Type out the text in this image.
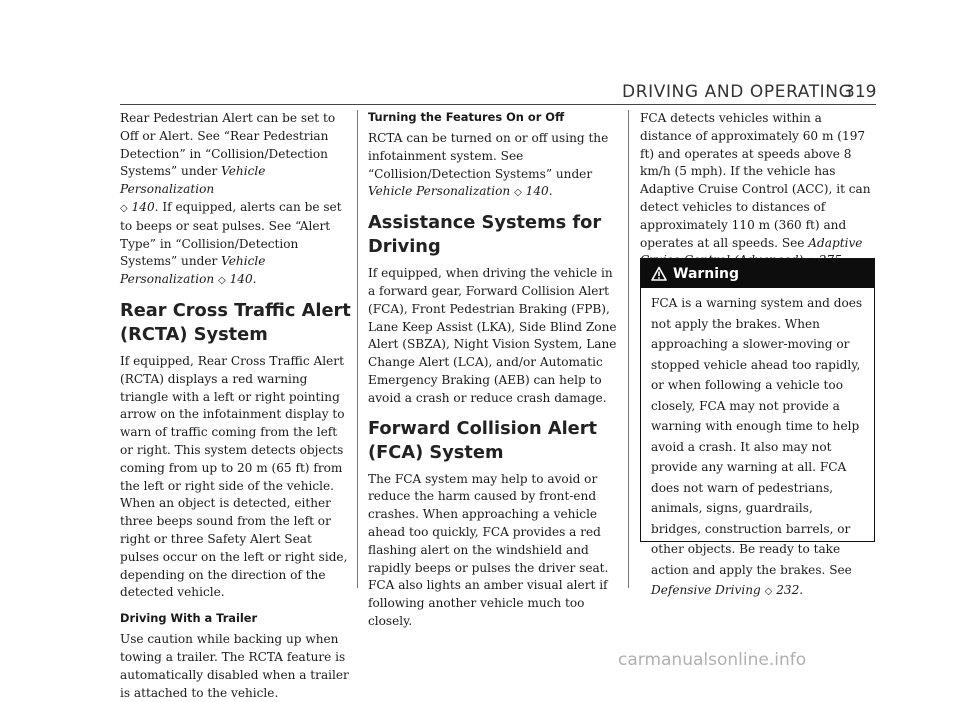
DRIVING AND OPERATING
319

Rear Pedestrian Alert can be set to Off or Alert. See “Rear Pedestrian Detection” in “Collision/Detection Systems” under Vehicle Personalization
◇ 140. If equipped, alerts can be set to beeps or seat pulses. See “Alert Type” in “Collision/Detection Systems” under Vehicle Personalization ◇ 140.

Rear Cross Traffic Alert (RCTA) System

If equipped, Rear Cross Traffic Alert (RCTA) displays a red warning triangle with a left or right pointing arrow on the infotainment display to warn of traffic coming from the left or right. This system detects objects coming from up to 20 m (65 ft) from the left or right side of the vehicle. When an object is detected, either three beeps sound from the left or right or three Safety Alert Seat pulses occur on the left or right side, depending on the direction of the detected vehicle.

Driving With a Trailer

Use caution while backing up when towing a trailer. The RCTA feature is automatically disabled when a trailer is attached to the vehicle.

Turning the Features On or Off

RCTA can be turned on or off using the infotainment system. See “Collision/Detection Systems” under Vehicle Personalization ◇ 140.

Assistance Systems for Driving

If equipped, when driving the vehicle in a forward gear, Forward Collision Alert (FCA), Front Pedestrian Braking (FPB), Lane Keep Assist (LKA), Side Blind Zone Alert (SBZA), Night Vision System, Lane Change Alert (LCA), and/or Automatic Emergency Braking (AEB) can help to avoid a crash or reduce crash damage.

Forward Collision Alert (FCA) System

The FCA system may help to avoid or reduce the harm caused by front-end crashes. When approaching a vehicle ahead too quickly, FCA provides a red flashing alert on the windshield and rapidly beeps or pulses the driver seat. FCA also lights an amber visual alert if following another vehicle much too closely.

FCA detects vehicles within a distance of approximately 60 m (197 ft) and operates at speeds above 8 km/h (5 mph). If the vehicle has Adaptive Cruise Control (ACC), it can detect vehicles to distances of approximately 110 m (360 ft) and operates at all speeds. See Adaptive

Warning
FCA is a warning system and does not apply the brakes. When approaching a slower-moving or stopped vehicle ahead too rapidly, or when following a vehicle too closely, FCA may not provide a warning with enough time to help avoid a crash. It also may not provide any warning at all. FCA does not warn of pedestrians, animals, signs, guardrails, bridges, construction barrels, or other objects. Be ready to take action and apply the brakes. See Defensive Driving ◇ 232.
carmanualsonline.info
